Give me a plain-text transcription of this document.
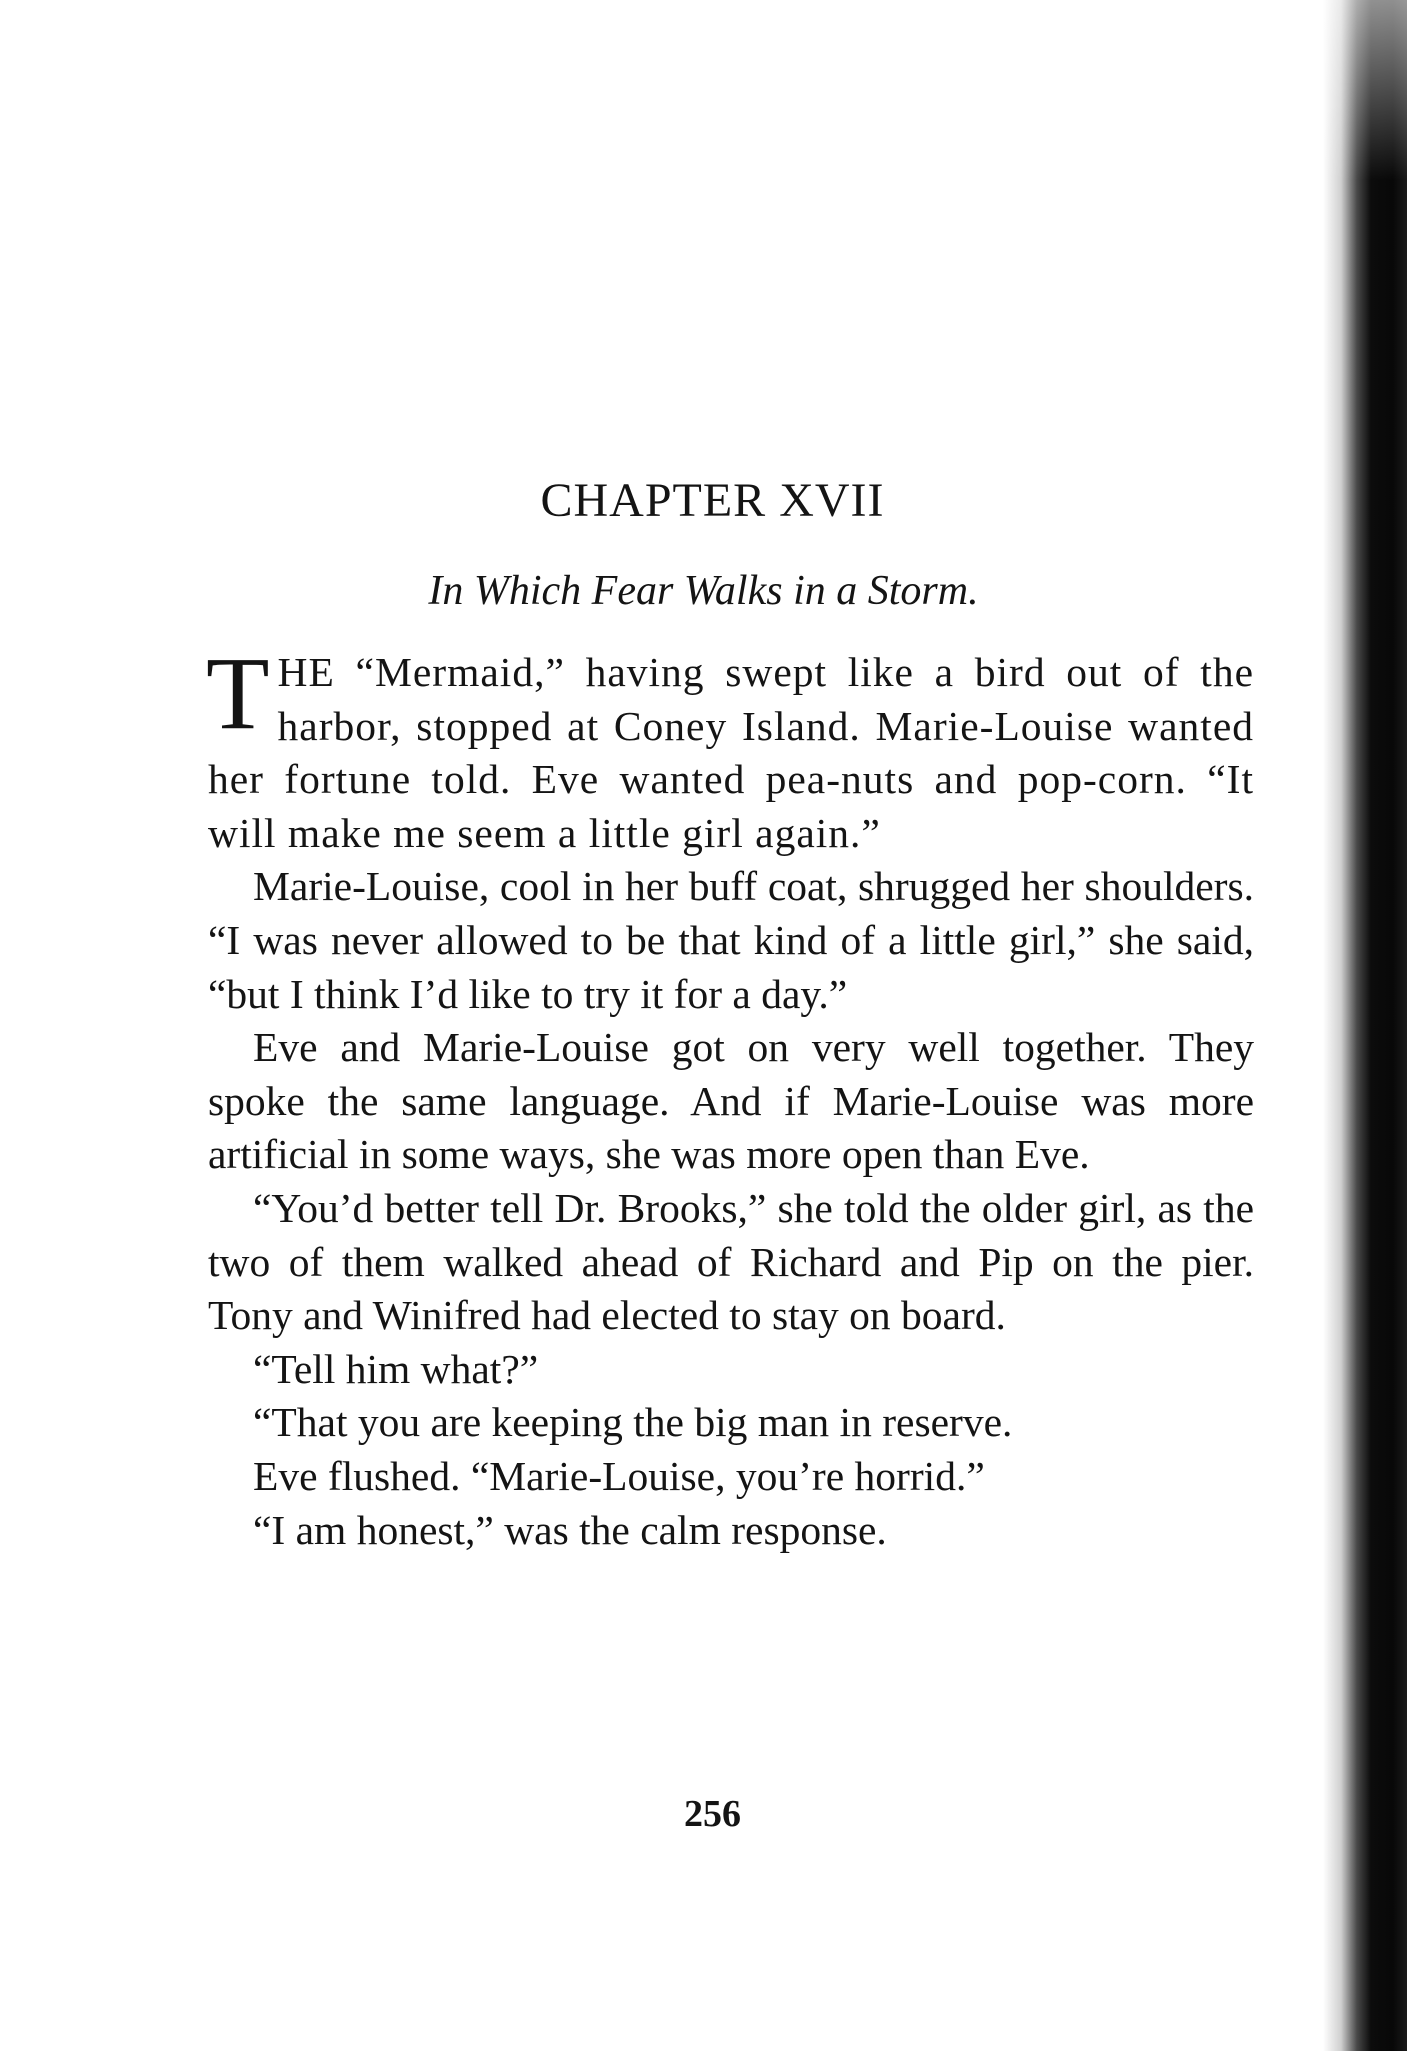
CHAPTER XVII
In Which Fear Walks in a Storm.

THE “Mermaid,” having swept like a bird out of the harbor, stopped at Coney Island. Marie-Louise wanted her fortune told. Eve wanted pea-nuts and pop-corn. “It will make me seem a little girl again.”

Marie-Louise, cool in her buff coat, shrugged her shoulders. “I was never allowed to be that kind of a little girl,” she said, “but I think I’d like to try it for a day.”

Eve and Marie-Louise got on very well together. They spoke the same language. And if Marie-Louise was more artificial in some ways, she was more open than Eve.

“You’d better tell Dr. Brooks,” she told the older girl, as the two of them walked ahead of Richard and Pip on the pier. Tony and Winifred had elected to stay on board.

“Tell him what?”

“That you are keeping the big man in reserve.

Eve flushed. “Marie-Louise, you’re horrid.”

“I am honest,” was the calm response.

256
